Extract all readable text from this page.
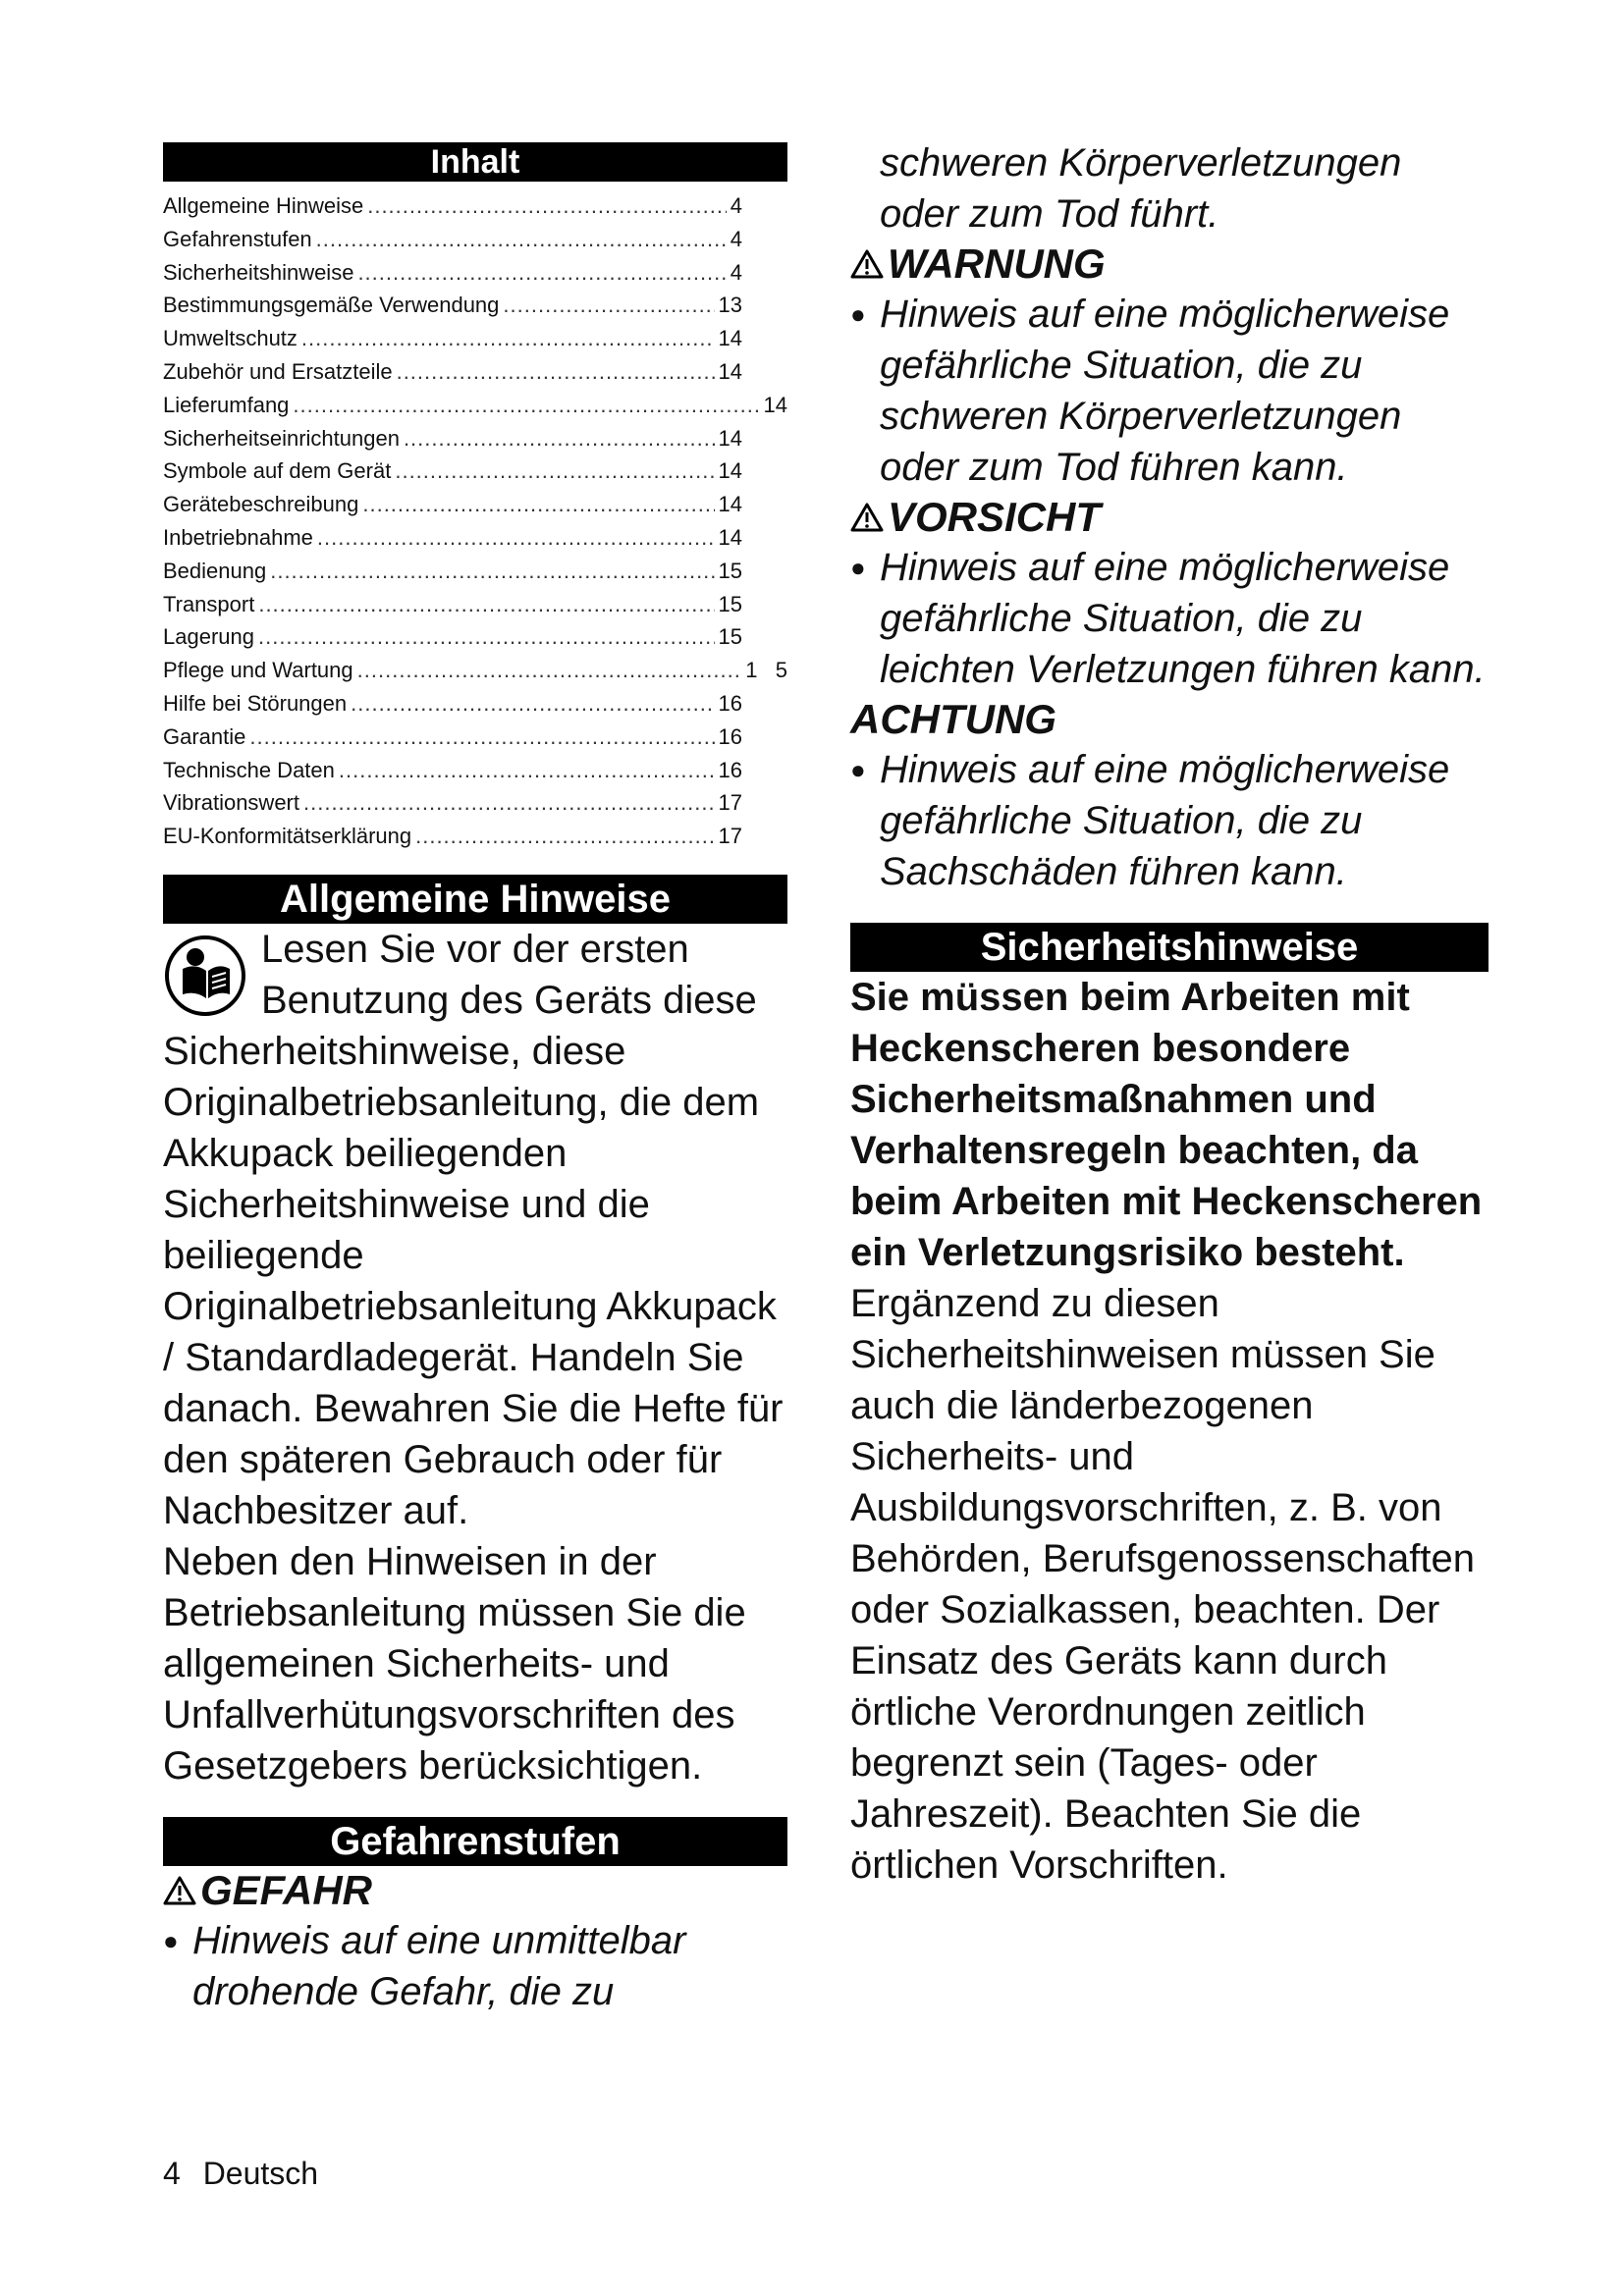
Inhalt
Allgemeine Hinweise .....	4
Gefahrenstufen .....	4
Sicherheitshinweise .....	4
Bestimmungsgemäße Verwendung .....	13
Umweltschutz .....	14
Zubehör und Ersatzteile .....	14
Lieferumfang .....	14
Sicherheitseinrichtungen .....	14
Symbole auf dem Gerät .....	14
Gerätebeschreibung .....	14
Inbetriebnahme .....	14
Bedienung .....	15
Transport .....	15
Lagerung .....	15
Pflege und Wartung .....	1   5
Hilfe bei Störungen .....	16
Garantie .....	16
Technische Daten .....	16
Vibrationswert .....	17
EU-Konformitätserklärung .....	17
Allgemeine Hinweise
Lesen Sie vor der ersten Benutzung des Geräts diese Sicherheitshinweise, diese Originalbetriebsanleitung, die dem Akkupack beiliegenden Sicherheitshinweise und die beiliegende Originalbetriebsanleitung Akkupack / Standardladegerät. Handeln Sie danach. Bewahren Sie die Hefte für den späteren Gebrauch oder für Nachbesitzer auf.
Neben den Hinweisen in der Betriebsanleitung müssen Sie die allgemeinen Sicherheits- und Unfallverhütungsvorschriften des Gesetzgebers berücksichtigen.
Gefahrenstufen
GEFAHR
● Hinweis auf eine unmittelbar drohende Gefahr, die zu
schweren Körperverletzungen oder zum Tod führt.
WARNUNG
● Hinweis auf eine möglicherweise gefährliche Situation, die zu schweren Körperverletzungen oder zum Tod führen kann.
VORSICHT
● Hinweis auf eine möglicherweise gefährliche Situation, die zu leichten Verletzungen führen kann.
ACHTUNG
● Hinweis auf eine möglicherweise gefährliche Situation, die zu Sachschäden führen kann.
Sicherheitshinweise
Sie müssen beim Arbeiten mit Heckenscheren besondere Sicherheitsmaßnahmen und Verhaltensregeln beachten, da beim Arbeiten mit Heckenscheren ein Verletzungsrisiko besteht.
Ergänzend zu diesen Sicherheitshinweisen müssen Sie auch die länderbezogenen Sicherheits- und Ausbildungsvorschriften, z. B. von Behörden, Berufsgenossenschaften oder Sozialkassen, beachten. Der Einsatz des Geräts kann durch örtliche Verordnungen zeitlich begrenzt sein (Tages- oder Jahreszeit). Beachten Sie die örtlichen Vorschriften.
4 Deutsch
